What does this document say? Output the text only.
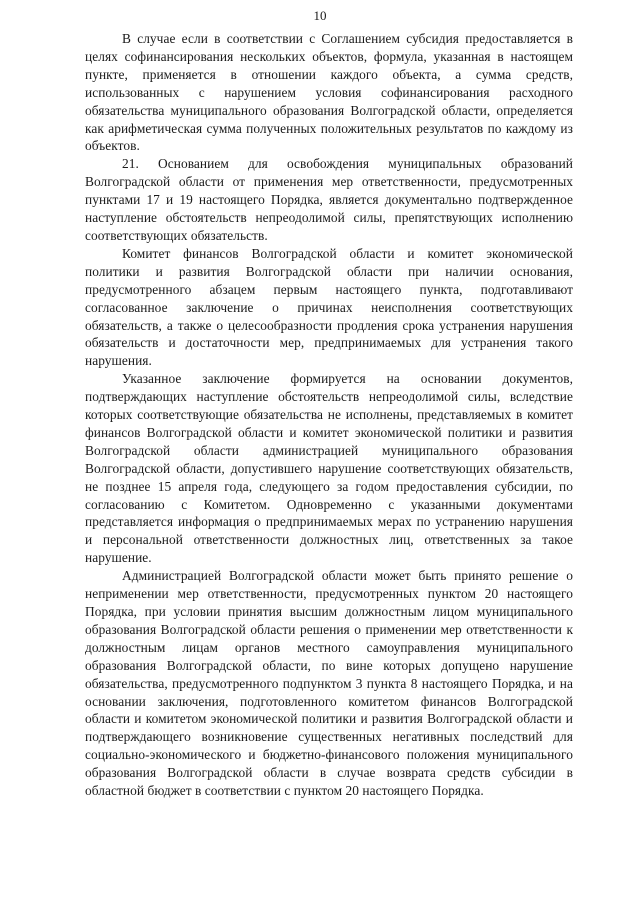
10

В случае если в соответствии с Соглашением субсидия предоставляется в целях софинансирования нескольких объектов, формула, указанная в настоящем пункте, применяется в отношении каждого объекта, а сумма средств, использованных с нарушением условия софинансирования расходного обязательства муниципального образования Волгоградской области, определяется как арифметическая сумма полученных положительных результатов по каждому из объектов.

21. Основанием для освобождения муниципальных образований Волгоградской области от применения мер ответственности, предусмотренных пунктами 17 и 19 настоящего Порядка, является документально подтвержденное наступление обстоятельств непреодолимой силы, препятствующих исполнению соответствующих обязательств.

Комитет финансов Волгоградской области и комитет экономической политики и развития Волгоградской области при наличии основания, предусмотренного абзацем первым настоящего пункта, подготавливают согласованное заключение о причинах неисполнения соответствующих обязательств, а также о целесообразности продления срока устранения нарушения обязательств и достаточности мер, предпринимаемых для устранения такого нарушения.

Указанное заключение формируется на основании документов, подтверждающих наступление обстоятельств непреодолимой силы, вследствие которых соответствующие обязательства не исполнены, представляемых в комитет финансов Волгоградской области и комитет экономической политики и развития Волгоградской области администрацией муниципального образования Волгоградской области, допустившего нарушение соответствующих обязательств, не позднее 15 апреля года, следующего за годом предоставления субсидии, по согласованию с Комитетом. Одновременно с указанными документами представляется информация о предпринимаемых мерах по устранению нарушения и персональной ответственности должностных лиц, ответственных за такое нарушение.

Администрацией Волгоградской области может быть принято решение о неприменении мер ответственности, предусмотренных пунктом 20 настоящего Порядка, при условии принятия высшим должностным лицом муниципального образования Волгоградской области решения о применении мер ответственности к должностным лицам органов местного самоуправления муниципального образования Волгоградской области, по вине которых допущено нарушение обязательства, предусмотренного подпунктом 3 пункта 8 настоящего Порядка, и на основании заключения, подготовленного комитетом финансов Волгоградской области и комитетом экономической политики и развития Волгоградской области и подтверждающего возникновение существенных негативных последствий для социально-экономического и бюджетно-финансового положения муниципального образования Волгоградской области в случае возврата средств субсидии в областной бюджет в соответствии с пунктом 20 настоящего Порядка.
